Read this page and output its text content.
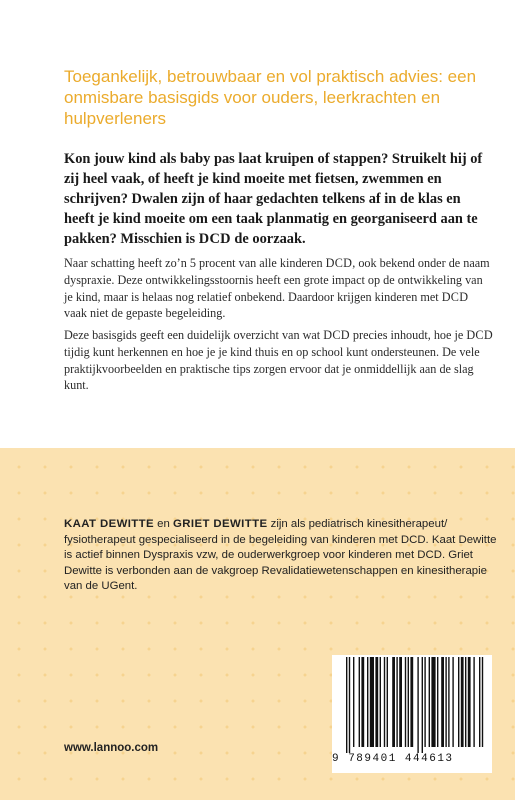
Toegankelijk, betrouwbaar en vol praktisch advies: een onmisbare basisgids voor ouders, leerkrachten en hulpverleners

Kon jouw kind als baby pas laat kruipen of stappen? Struikelt hij of zij heel vaak, of heeft je kind moeite met fietsen, zwemmen en schrijven? Dwalen zijn of haar gedachten telkens af in de klas en heeft je kind moeite om een taak planmatig en georganiseerd aan te pakken? Misschien is DCD de oorzaak.

Naar schatting heeft zo’n 5 procent van alle kinderen DCD, ook bekend onder de naam dyspraxie. Deze ontwikkelingsstoornis heeft een grote impact op de ontwikkeling van je kind, maar is helaas nog relatief onbekend. Daardoor krijgen kinderen met DCD vaak niet de gepaste begeleiding.

Deze basisgids geeft een duidelijk overzicht van wat DCD precies inhoudt, hoe je DCD tijdig kunt herkennen en hoe je je kind thuis en op school kunt ondersteunen. De vele praktijkvoorbeelden en praktische tips zorgen ervoor dat je onmiddellijk aan de slag kunt.

KAAT DEWITTE en GRIET DEWITTE zijn als pediatrisch kinesitherapeut/ fysiotherapeut gespecialiseerd in de begeleiding van kinderen met DCD. Kaat Dewitte is actief binnen Dyspraxis vzw, de ouderwerkgroep voor kinderen met DCD. Griet Dewitte is verbonden aan de vakgroep Revalidatiewetenschappen en kinesitherapie van de UGent.

www.lannoo.com
9 789401 444613
